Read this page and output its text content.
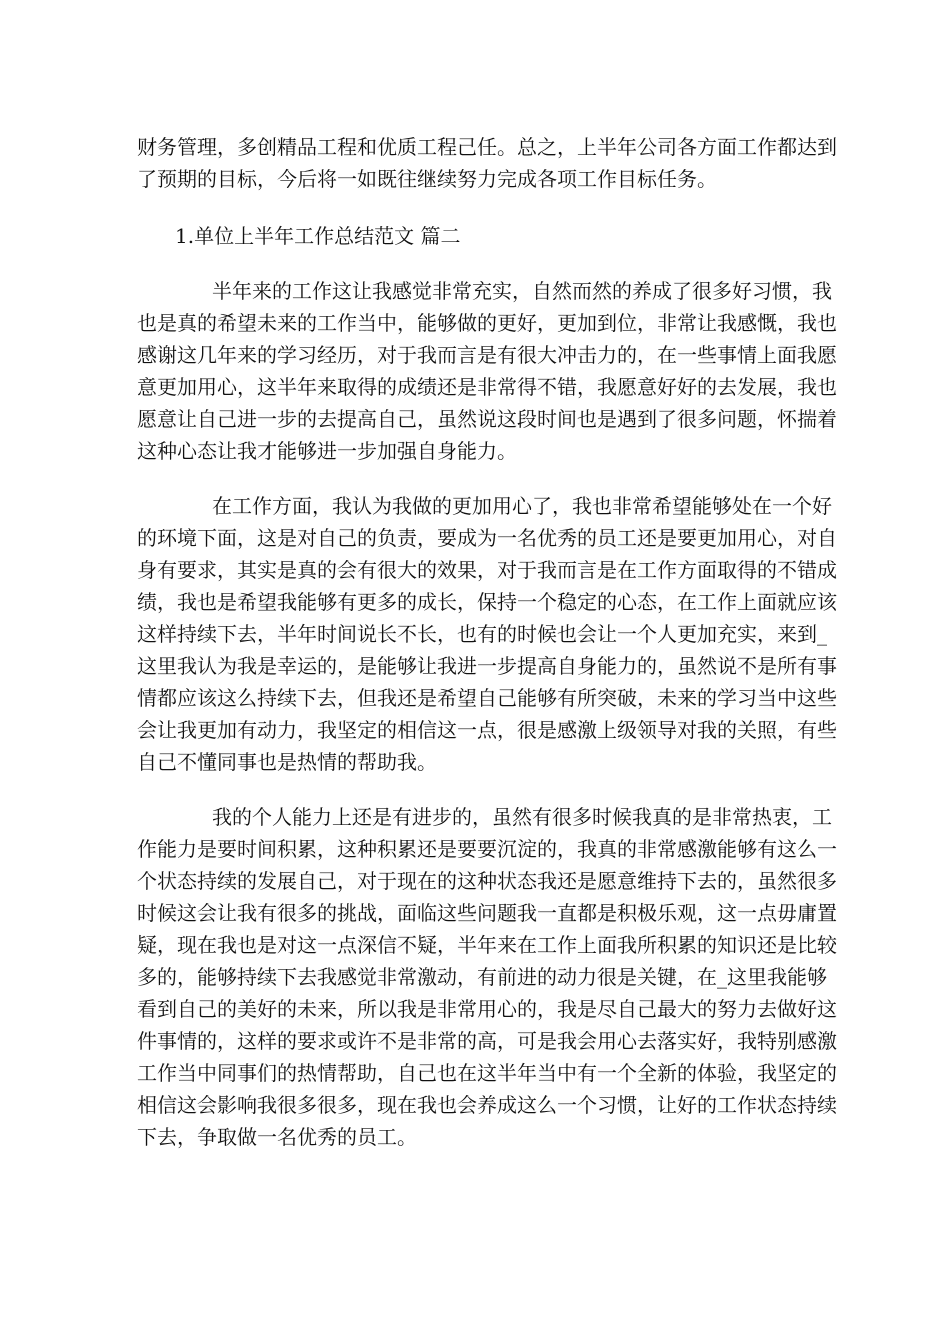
财务管理，多创精品工程和优质工程己任。总之，上半年公司各方面工作都达到
了预期的目标，今后将一如既往继续努力完成各项工作目标任务。
1.单位上半年工作总结范文 篇二
半年来的工作这让我感觉非常充实，自然而然的养成了很多好习惯，我
也是真的希望未来的工作当中，能够做的更好，更加到位，非常让我感慨，我也
感谢这几年来的学习经历，对于我而言是有很大冲击力的，在一些事情上面我愿
意更加用心，这半年来取得的成绩还是非常得不错，我愿意好好的去发展，我也
愿意让自己进一步的去提高自己，虽然说这段时间也是遇到了很多问题，怀揣着
这种心态让我才能够进一步加强自身能力。
在工作方面，我认为我做的更加用心了，我也非常希望能够处在一个好
的环境下面，这是对自己的负责，要成为一名优秀的员工还是要更加用心，对自
身有要求，其实是真的会有很大的效果，对于我而言是在工作方面取得的不错成
绩，我也是希望我能够有更多的成长，保持一个稳定的心态，在工作上面就应该
这样持续下去，半年时间说长不长，也有的时候也会让一个人更加充实，来到_
这里我认为我是幸运的，是能够让我进一步提高自身能力的，虽然说不是所有事
情都应该这么持续下去，但我还是希望自己能够有所突破，未来的学习当中这些
会让我更加有动力，我坚定的相信这一点，很是感激上级领导对我的关照，有些
自己不懂同事也是热情的帮助我。
我的个人能力上还是有进步的，虽然有很多时候我真的是非常热衷，工
作能力是要时间积累，这种积累还是要要沉淀的，我真的非常感激能够有这么一
个状态持续的发展自己，对于现在的这种状态我还是愿意维持下去的，虽然很多
时候这会让我有很多的挑战，面临这些问题我一直都是积极乐观，这一点毋庸置
疑，现在我也是对这一点深信不疑，半年来在工作上面我所积累的知识还是比较
多的，能够持续下去我感觉非常激动，有前进的动力很是关键，在_这里我能够
看到自己的美好的未来，所以我是非常用心的，我是尽自己最大的努力去做好这
件事情的，这样的要求或许不是非常的高，可是我会用心去落实好，我特别感激
工作当中同事们的热情帮助，自己也在这半年当中有一个全新的体验，我坚定的
相信这会影响我很多很多，现在我也会养成这么一个习惯，让好的工作状态持续
下去，争取做一名优秀的员工。
